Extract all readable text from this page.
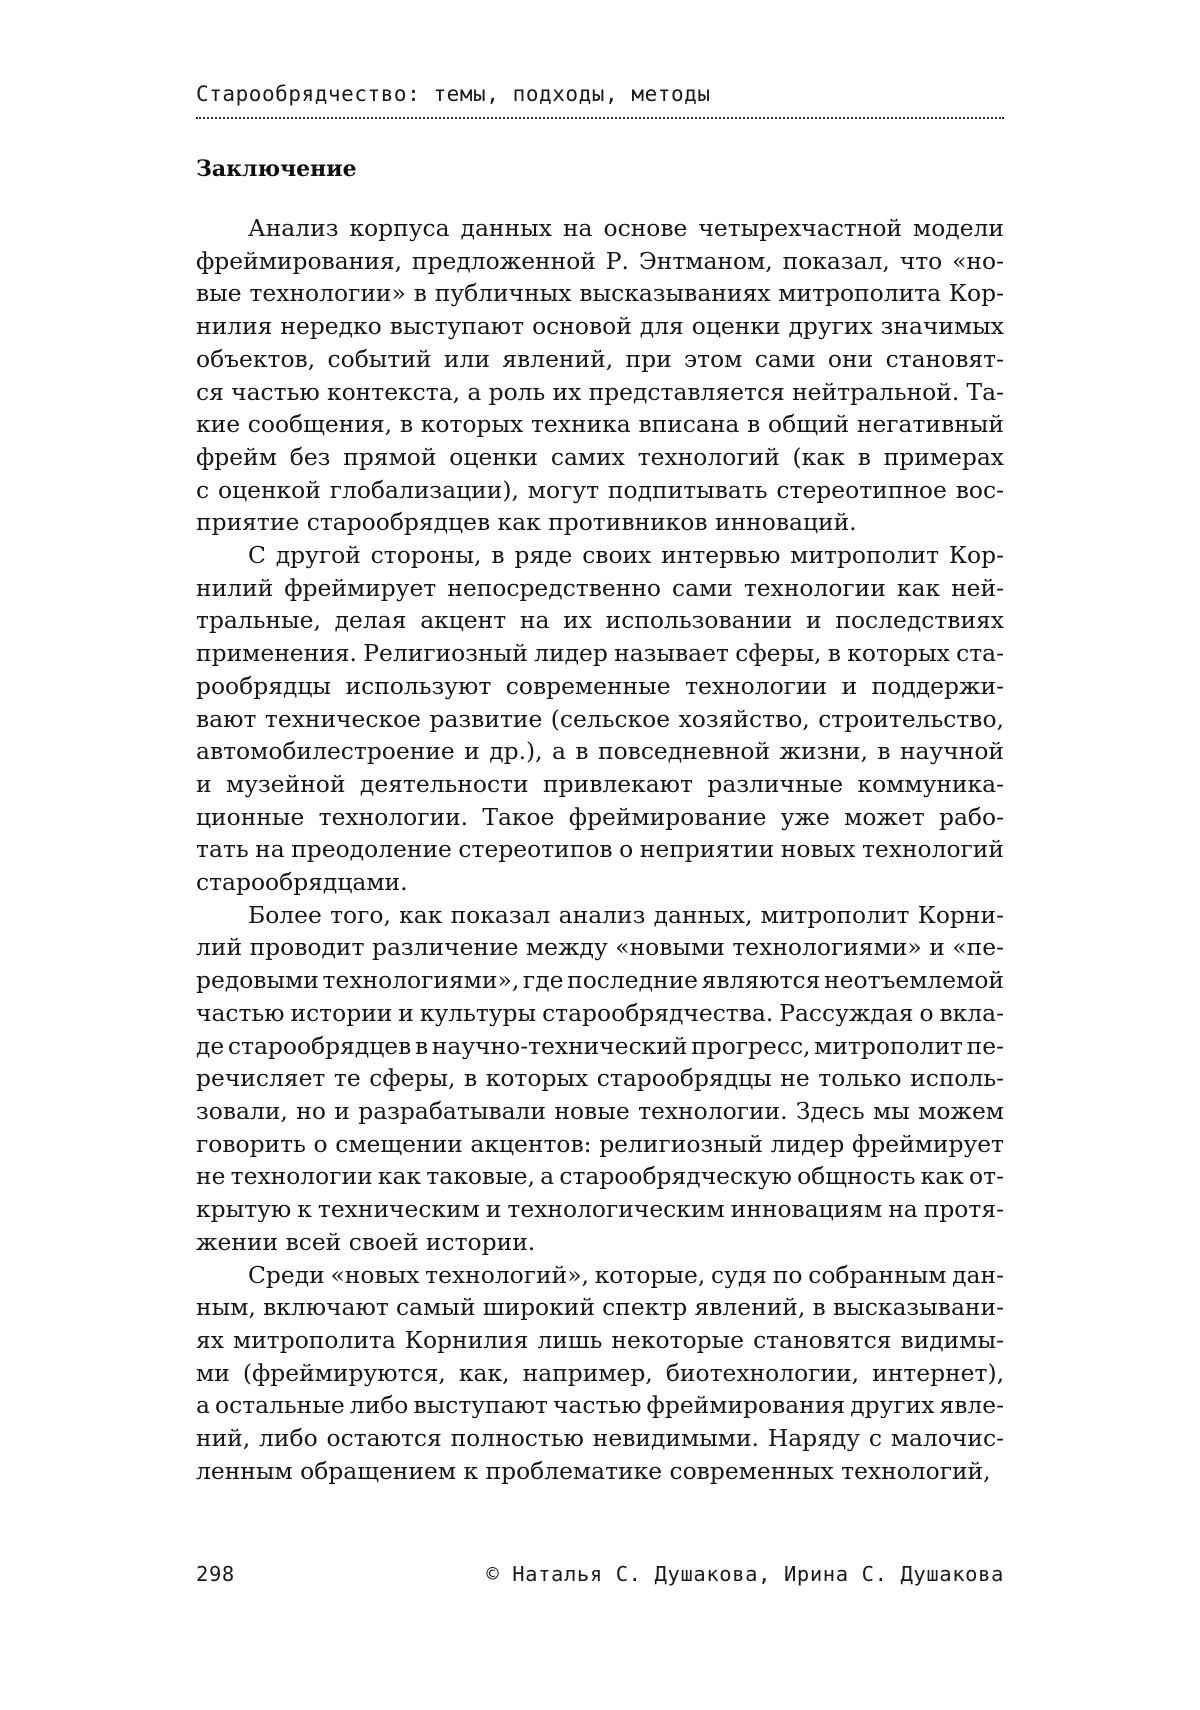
Старообрядчество: темы, подходы, методы
Заключение
Анализ корпуса данных на основе четырехчастной модели
фреймирования, предложенной Р. Энтманом, показал, что «но-
вые технологии» в публичных высказываниях митрополита Кор-
нилия нередко выступают основой для оценки других значимых
объектов, событий или явлений, при этом сами они становят-
ся частью контекста, а роль их представляется нейтральной. Та-
кие сообщения, в которых техника вписана в общий негативный
фрейм без прямой оценки самих технологий (как в примерах
с оценкой глобализации), могут подпитывать стереотипное вос-
приятие старообрядцев как противников инноваций.
С другой стороны, в ряде своих интервью митрополит Кор-
нилий фреймирует непосредственно сами технологии как ней-
тральные, делая акцент на их использовании и последствиях
применения. Религиозный лидер называет сферы, в которых ста-
рообрядцы используют современные технологии и поддержи-
вают техническое развитие (сельское хозяйство, строительство,
автомобилестроение и др.), а в повседневной жизни, в научной
и музейной деятельности привлекают различные коммуника-
ционные технологии. Такое фреймирование уже может рабо-
тать на преодоление стереотипов о неприятии новых технологий
старообрядцами.
Более того, как показал анализ данных, митрополит Корни-
лий проводит различение между «новыми технологиями» и «пе-
редовыми технологиями», где последние являются неотъемлемой
частью истории и культуры старообрядчества. Рассуждая о вкла-
де старообрядцев в научно-технический прогресс, митрополит пе-
речисляет те сферы, в которых старообрядцы не только исполь-
зовали, но и разрабатывали новые технологии. Здесь мы можем
говорить о смещении акцентов: религиозный лидер фреймирует
не технологии как таковые, а старообрядческую общность как от-
крытую к техническим и технологическим инновациям на протя-
жении всей своей истории.
Среди «новых технологий», которые, судя по собранным дан-
ным, включают самый широкий спектр явлений, в высказывани-
ях митрополита Корнилия лишь некоторые становятся видимы-
ми (фреймируются, как, например, биотехнологии, интернет),
а остальные либо выступают частью фреймирования других явле-
ний, либо остаются полностью невидимыми. Наряду с малочис-
ленным обращением к проблематике современных технологий,
298	© Наталья С. Душакова, Ирина С. Душакова
